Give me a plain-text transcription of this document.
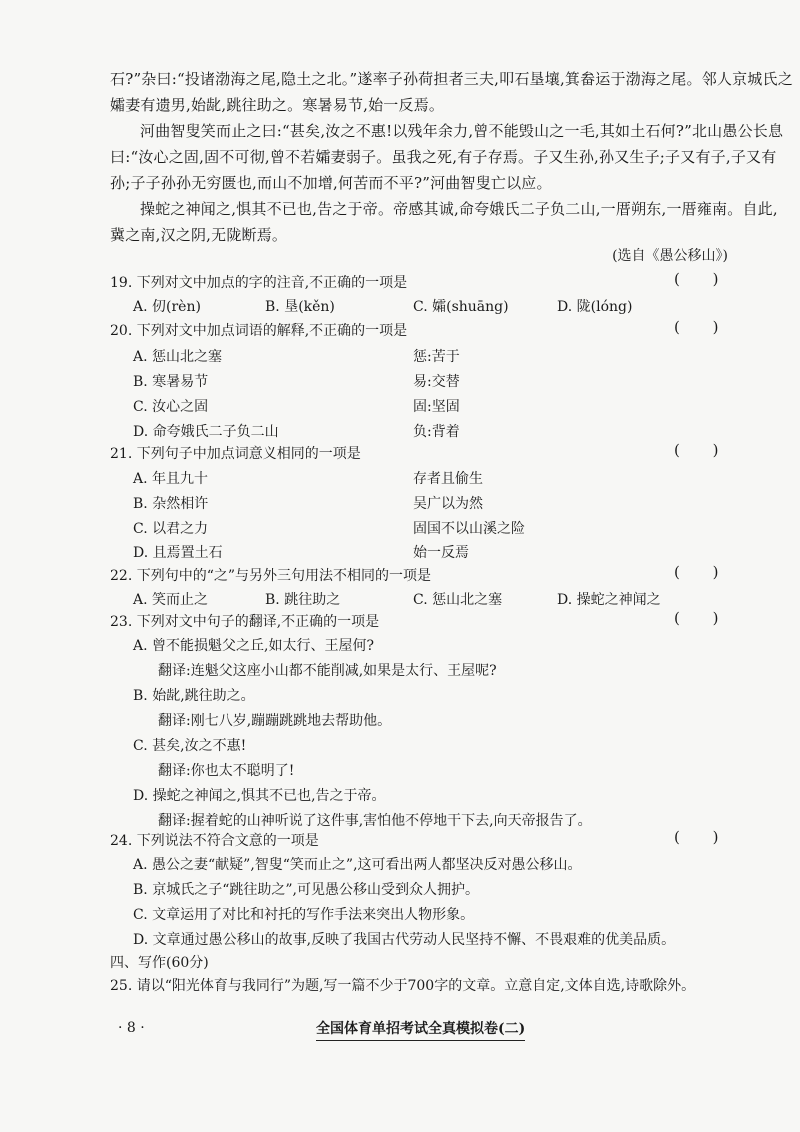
石?”杂曰:“投诸渤海之尾,隐土之北。”遂率子孙荷担者三夫,叩石垦壤,箕畚运于渤海之尾。邻人京城氏之

孀妻有遗男,始龀,跳往助之。寒暑易节,始一反焉。

河曲智叟笑而止之曰:“甚矣,汝之不惠!以残年余力,曾不能毁山之一毛,其如土石何?”北山愚公长息

曰:“汝心之固,固不可彻,曾不若孀妻弱子。虽我之死,有子存焉。子又生孙,孙又生子;子又有子,子又有

孙;子子孙孙无穷匮也,而山不加增,何苦而不平?”河曲智叟亡以应。

操蛇之神闻之,惧其不已也,告之于帝。帝感其诚,命夸娥氏二子负二山,一厝朔东,一厝雍南。自此,

冀之南,汉之阴,无陇断焉。

(选自《愚公移山》)
19. 下列对文中加点的字的注音,不正确的一项是	( )
A. 仞(rèn)	B. 垦(kěn)	C. 孀(shuāng)	D. 陇(lóng)
20. 下列对文中加点词语的解释,不正确的一项是	( )
A. 惩山北之塞	惩:苦于
B. 寒暑易节	易:交替
C. 汝心之固	固:坚固
D. 命夸娥氏二子负二山	负:背着
21. 下列句子中加点词意义相同的一项是	( )
A. 年且九十	存者且偷生
B. 杂然相许	吴广以为然
C. 以君之力	固国不以山溪之险
D. 且焉置土石	始一反焉
22. 下列句中的“之”与另外三句用法不相同的一项是	( )
A. 笑而止之	B. 跳往助之	C. 惩山北之塞	D. 操蛇之神闻之
23. 下列对文中句子的翻译,不正确的一项是	( )
A. 曾不能损魁父之丘,如太行、王屋何?
翻译:连魁父这座小山都不能削减,如果是太行、王屋呢?
B. 始龀,跳往助之。
翻译:刚七八岁,蹦蹦跳跳地去帮助他。
C. 甚矣,汝之不惠!
翻译:你也太不聪明了!
D. 操蛇之神闻之,惧其不已也,告之于帝。
翻译:握着蛇的山神听说了这件事,害怕他不停地干下去,向天帝报告了。
24. 下列说法不符合文意的一项是	( )
A. 愚公之妻“献疑”,智叟“笑而止之”,这可看出两人都坚决反对愚公移山。
B. 京城氏之子“跳往助之”,可见愚公移山受到众人拥护。
C. 文章运用了对比和衬托的写作手法来突出人物形象。
D. 文章通过愚公移山的故事,反映了我国古代劳动人民坚持不懈、不畏艰难的优美品质。
四、写作(60分)
25. 请以“阳光体育与我同行”为题,写一篇不少于700字的文章。立意自定,文体自选,诗歌除外。
· 8 ·	全国体育单招考试全真模拟卷(二)
